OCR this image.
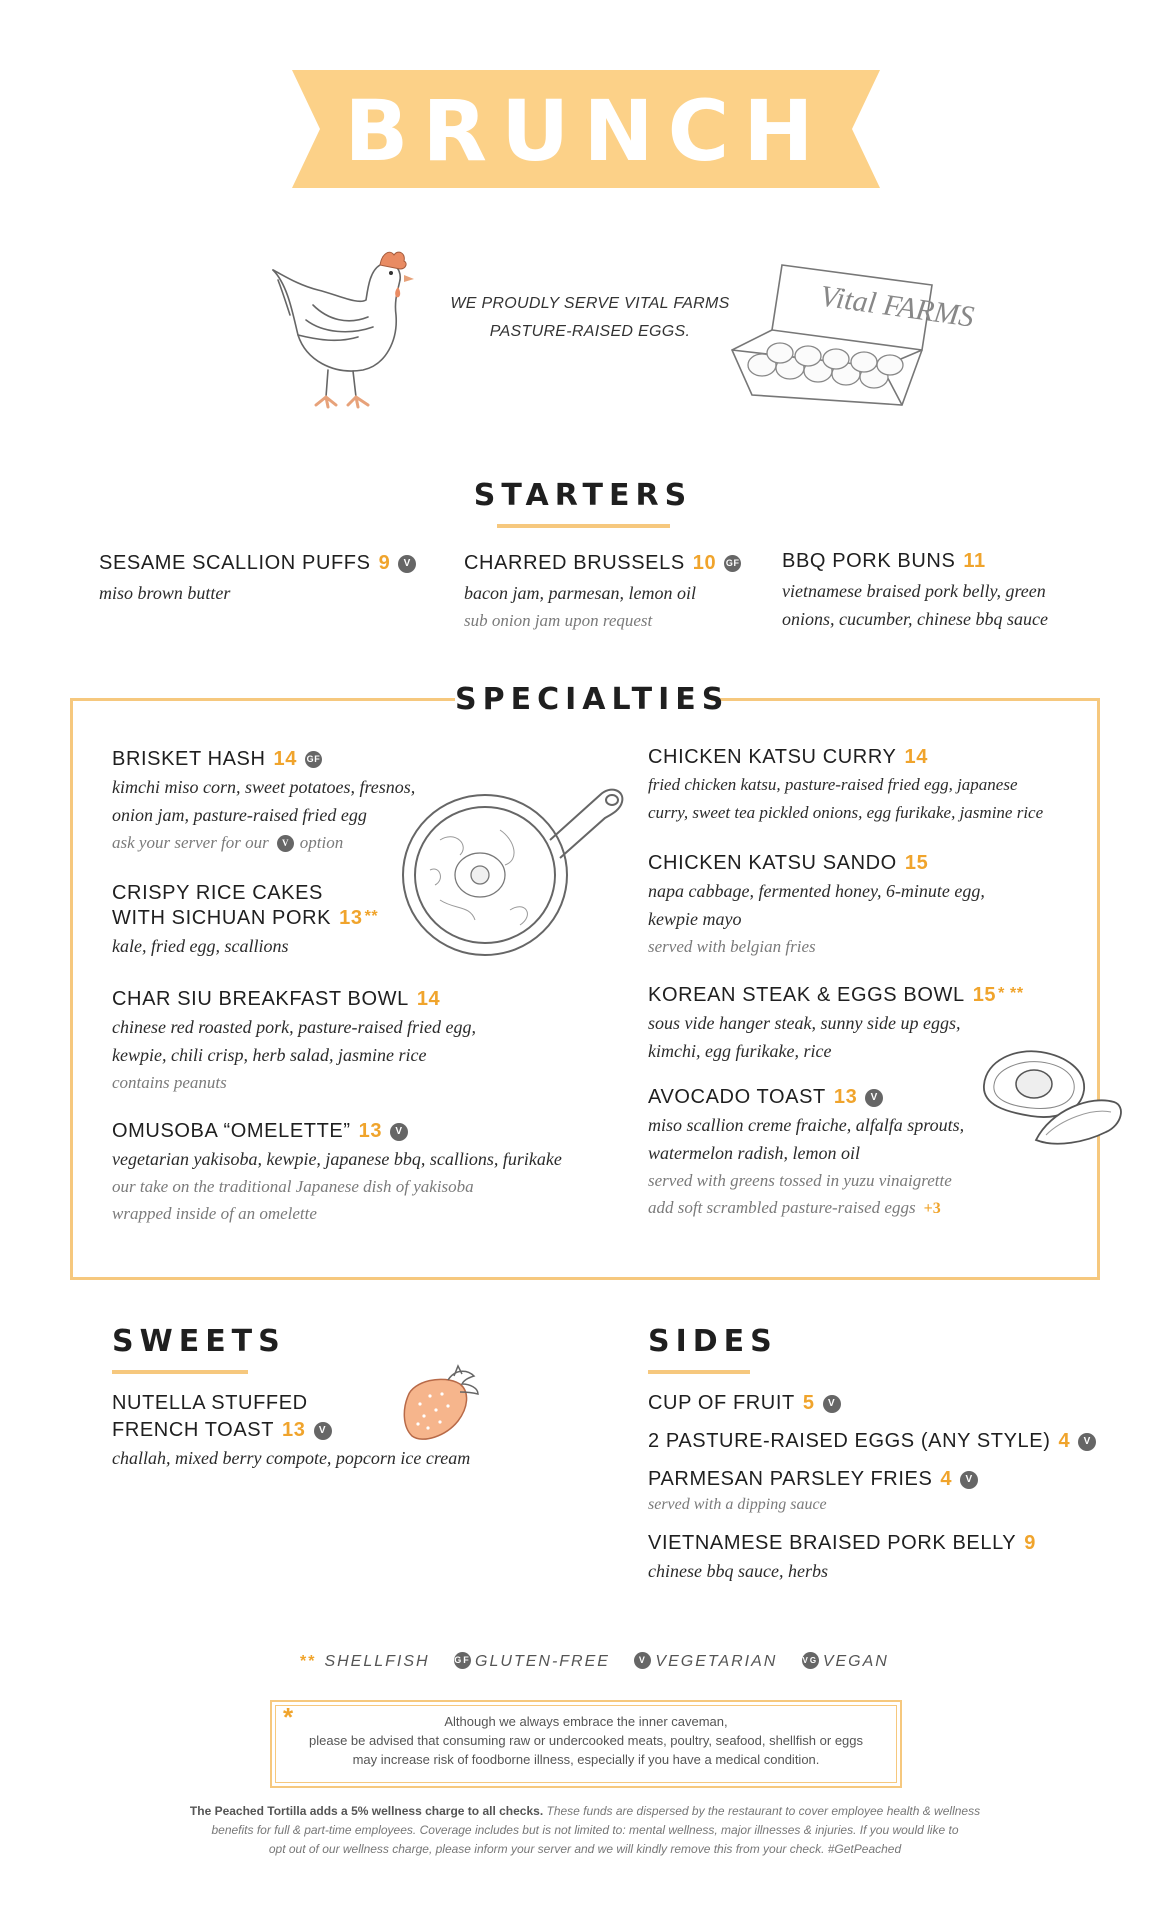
BRUNCH
WE PROUDLY SERVE VITAL FARMS
PASTURE-RAISED EGGS.	Vital FARMS
STARTERS
SESAME SCALLION PUFFS 9 V
miso brown butter
CHARRED BRUSSELS 10 GF
bacon jam, parmesan, lemon oil
sub onion jam upon request
BBQ PORK BUNS 11
vietnamese braised pork belly, green
onions, cucumber, chinese bbq sauce
SPECIALTIES
BRISKET HASH 14 GF
kimchi miso corn, sweet potatoes, fresnos,
onion jam, pasture-raised fried egg
ask your server for our V option
CRISPY RICE CAKES
WITH SICHUAN PORK 13 **
kale, fried egg, scallions
CHAR SIU BREAKFAST BOWL 14
chinese red roasted pork, pasture-raised fried egg,
kewpie, chili crisp, herb salad, jasmine rice
contains peanuts
OMUSOBA “OMELETTE” 13 V
vegetarian yakisoba, kewpie, japanese bbq, scallions, furikake
our take on the traditional Japanese dish of yakisoba
wrapped inside of an omelette
CHICKEN KATSU CURRY 14
fried chicken katsu, pasture-raised fried egg, japanese
curry, sweet tea pickled onions, egg furikake, jasmine rice
CHICKEN KATSU SANDO 15
napa cabbage, fermented honey, 6-minute egg,
kewpie mayo
served with belgian fries
KOREAN STEAK & EGGS BOWL 15 * **
sous vide hanger steak, sunny side up eggs,
kimchi, egg furikake, rice
AVOCADO TOAST 13 V
miso scallion creme fraiche, alfalfa sprouts,
watermelon radish, lemon oil
served with greens tossed in yuzu vinaigrette
add soft scrambled pasture-raised eggs +3
SWEETS
NUTELLA STUFFED
FRENCH TOAST 13 V
challah, mixed berry compote, popcorn ice cream
SIDES
CUP OF FRUIT 5 V
2 PASTURE-RAISED EGGS (ANY STYLE) 4 V
PARMESAN PARSLEY FRIES 4 V
served with a dipping sauce
VIETNAMESE BRAISED PORK BELLY 9
chinese bbq sauce, herbs
** SHELLFISH	GF GLUTEN-FREE	V VEGETARIAN	VG VEGAN
*	Although we always embrace the inner caveman,
please be advised that consuming raw or undercooked meats, poultry, seafood, shellfish or eggs
may increase risk of foodborne illness, especially if you have a medical condition.
The Peached Tortilla adds a 5% wellness charge to all checks. These funds are dispersed by the restaurant to cover employee health & wellness
benefits for full & part-time employees. Coverage includes but is not limited to: mental wellness, major illnesses & injuries. If you would like to
opt out of our wellness charge, please inform your server and we will kindly remove this from your check. #GetPeached
